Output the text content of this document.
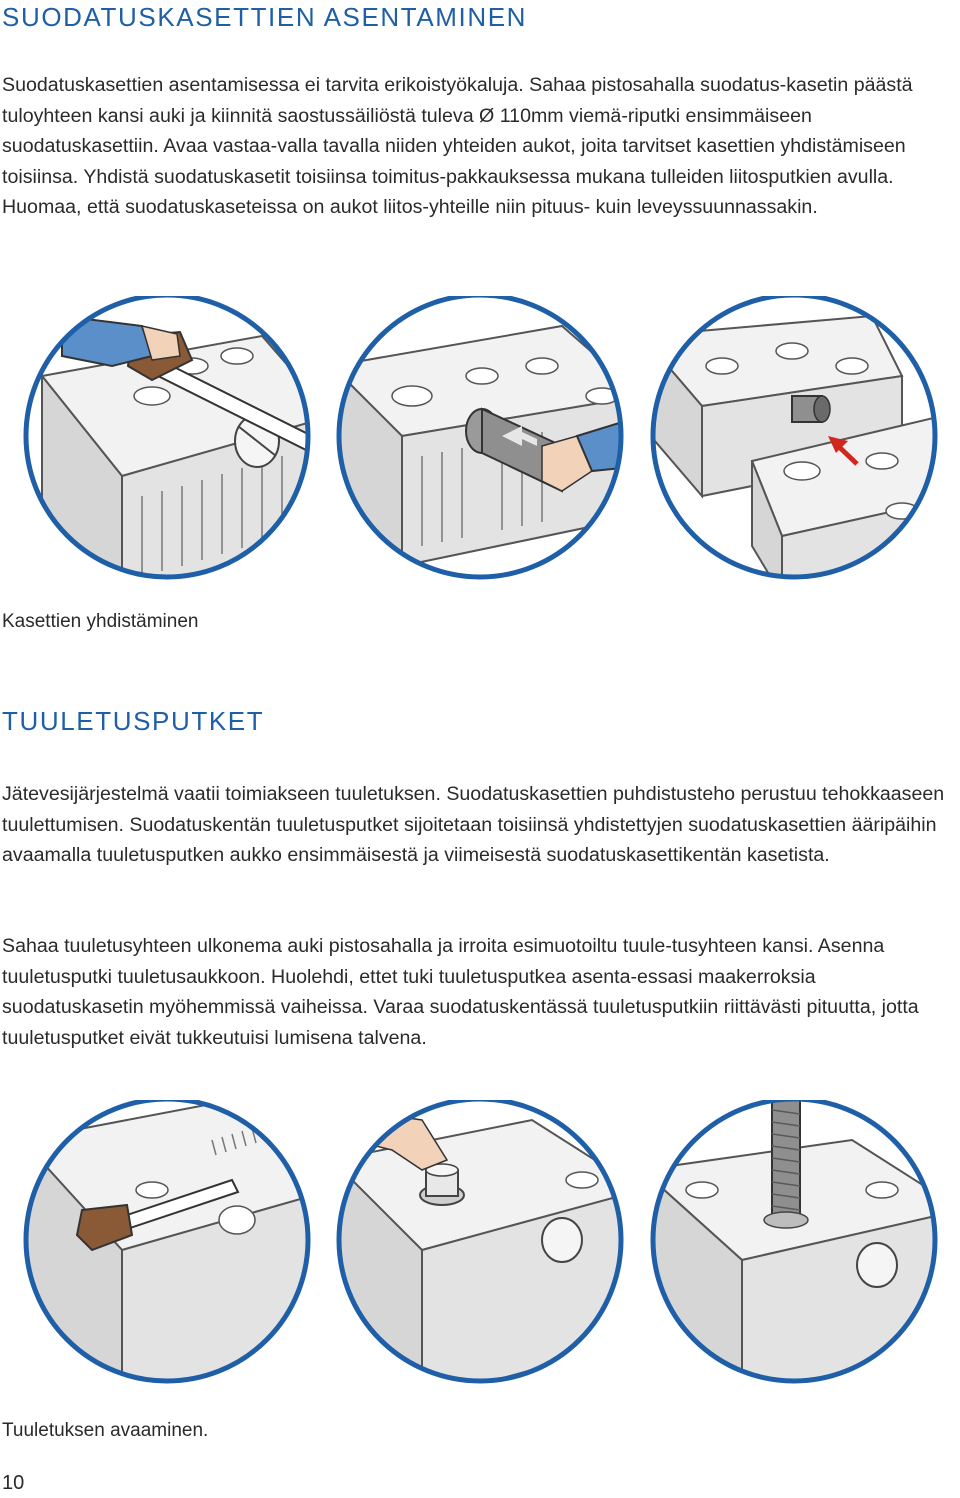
SUODATUSKASETTIEN ASENTAMINEN

Suodatuskasettien asentamisessa ei tarvita erikoistyökaluja. Sahaa pistosahalla suodatus-kasetin päästä tuloyhteen kansi auki ja kiinnitä saostussäiliöstä tuleva Ø 110mm viemä-riputki ensimmäiseen suodatuskasettiin. Avaa vastaa-valla tavalla niiden yhteiden aukot, joita tarvitset kasettien yhdistämiseen toisiinsa. Yhdistä suodatuskasetit toisiinsa toimitus-pakkauksessa mukana tulleiden liitosputkien avulla. Huomaa, että suodatuskaseteissa on aukot liitos-yhteille niin pituus- kuin leveyssuunnassakin.

Kasettien yhdistäminen

TUULETUSPUTKET

Jätevesijärjestelmä vaatii toimiakseen tuuletuksen. Suodatuskasettien puhdistusteho perustuu tehokkaaseen tuulettumisen. Suodatuskentän tuuletusputket sijoitetaan toisiinsä yhdistettyjen suodatuskasettien ääripäihin avaamalla tuuletusputken aukko ensimmäisestä ja viimeisestä suodatuskasettikentän kasetista.

Sahaa tuuletusyhteen ulkonema auki pistosahalla ja irroita esimuotoiltu tuule-tusyhteen kansi. Asenna tuuletusputki tuuletusaukkoon. Huolehdi, ettet tuki tuuletusputkea asenta-essasi maakerroksia suodatuskasetin myöhemmissä vaiheissa. Varaa suodatuskentässä tuuletusputkiin riittävästi pituutta, jotta tuuletusputket eivät tukkeutuisi lumisena talvena.

Tuuletuksen avaaminen.

10
